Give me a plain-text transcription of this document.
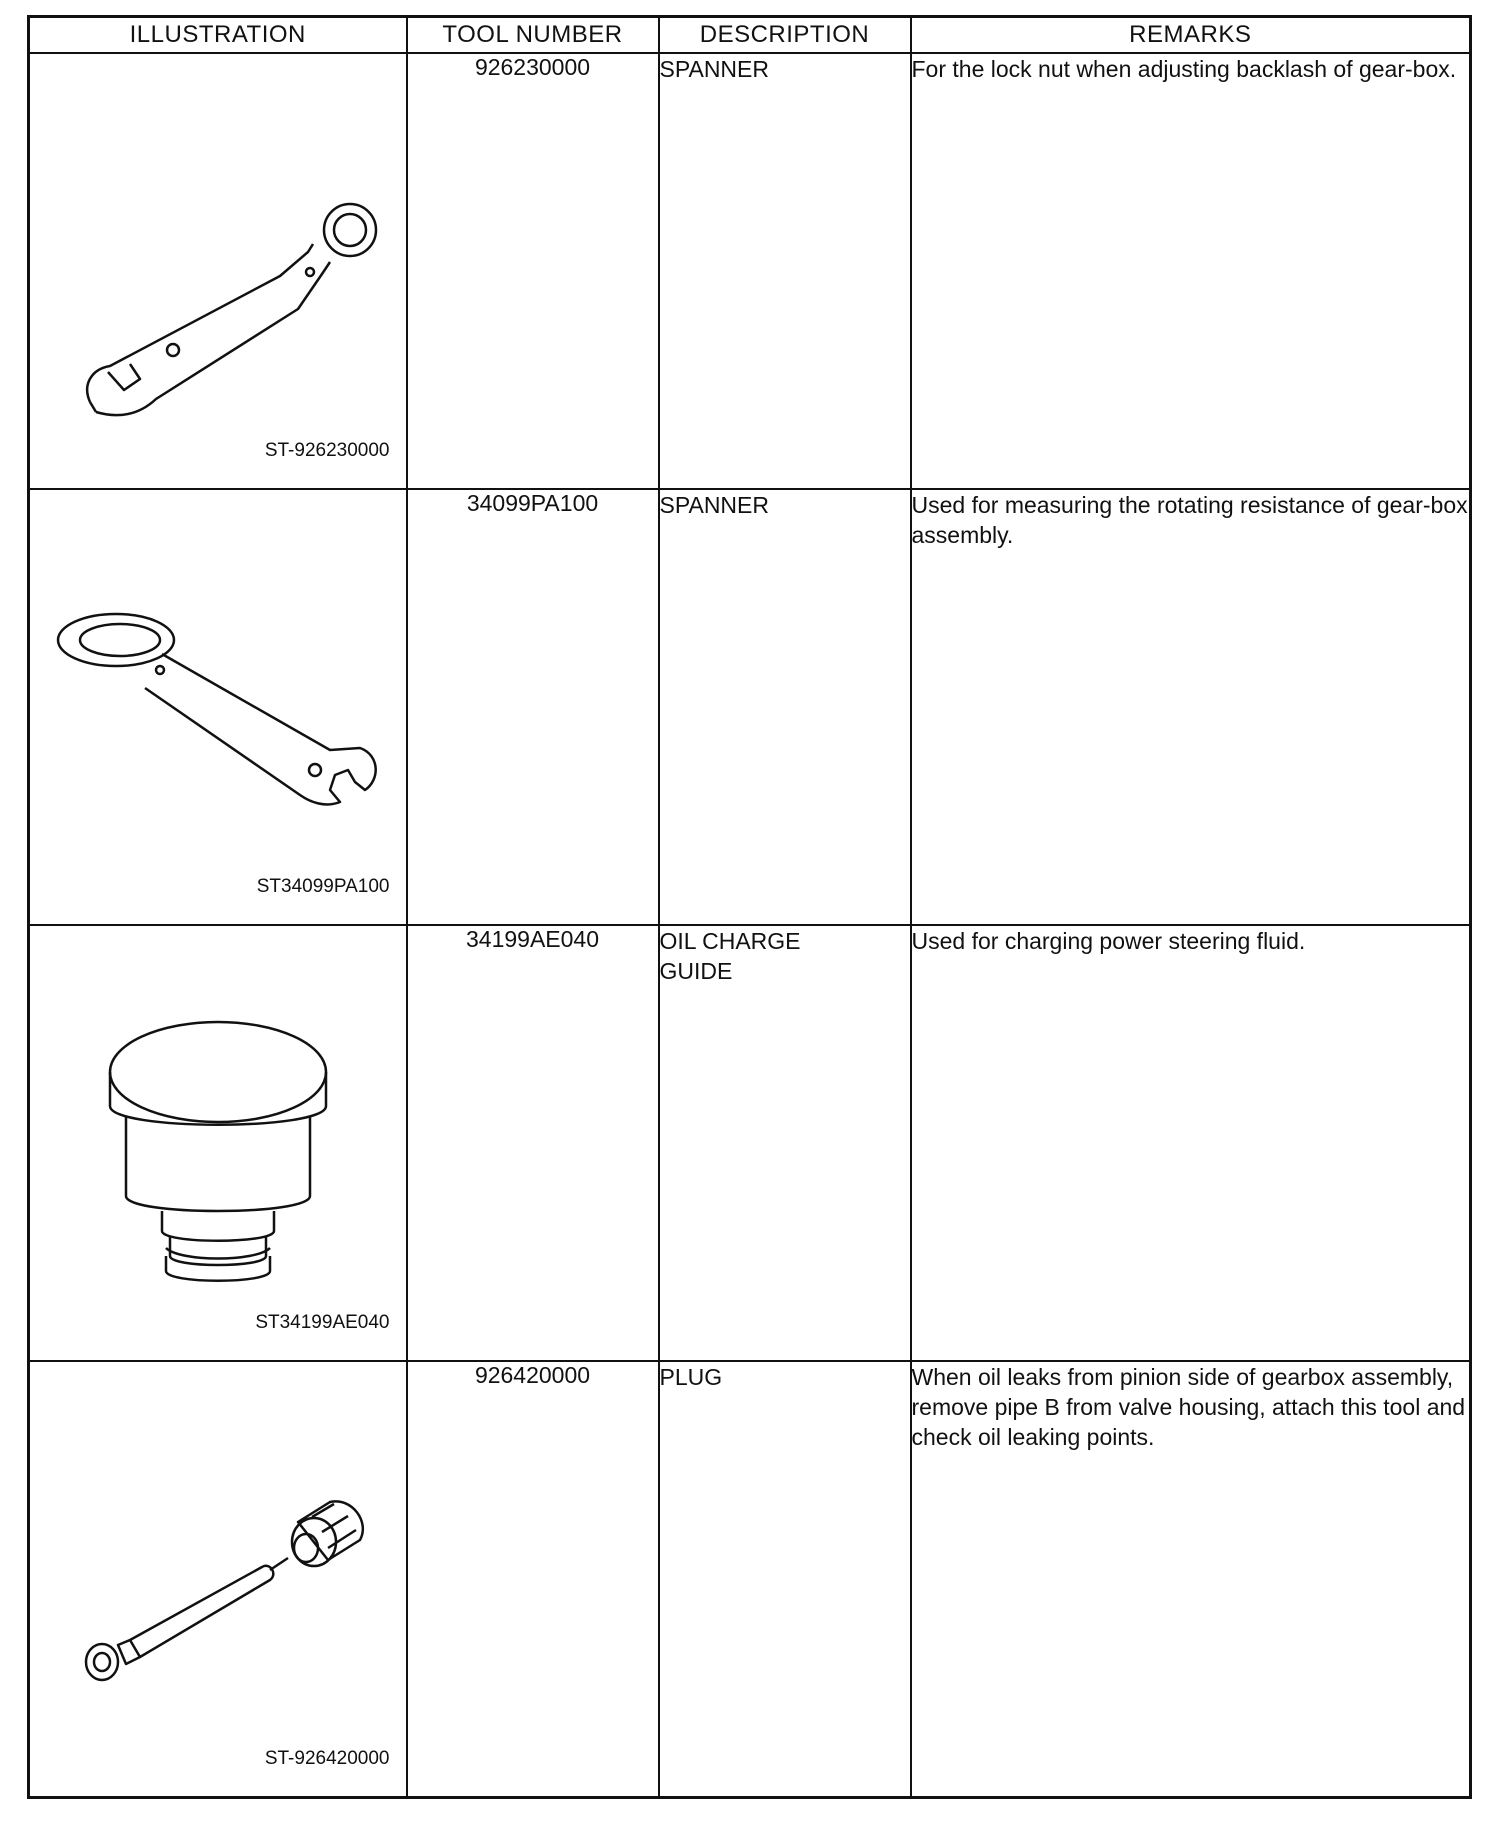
ILLUSTRATION	TOOL NUMBER	DESCRIPTION	REMARKS

ST-926230000	926230000	SPANNER	For the lock nut when adjusting backlash of gear-box.

ST34099PA100	34099PA100	SPANNER	Used for measuring the rotating resistance of gear-box assembly.

ST34199AE040	34199AE040	OIL CHARGE
GUIDE	Used for charging power steering fluid.

ST-926420000	926420000	PLUG	When oil leaks from pinion side of gearbox assembly, remove pipe B from valve housing, attach this tool and check oil leaking points.
